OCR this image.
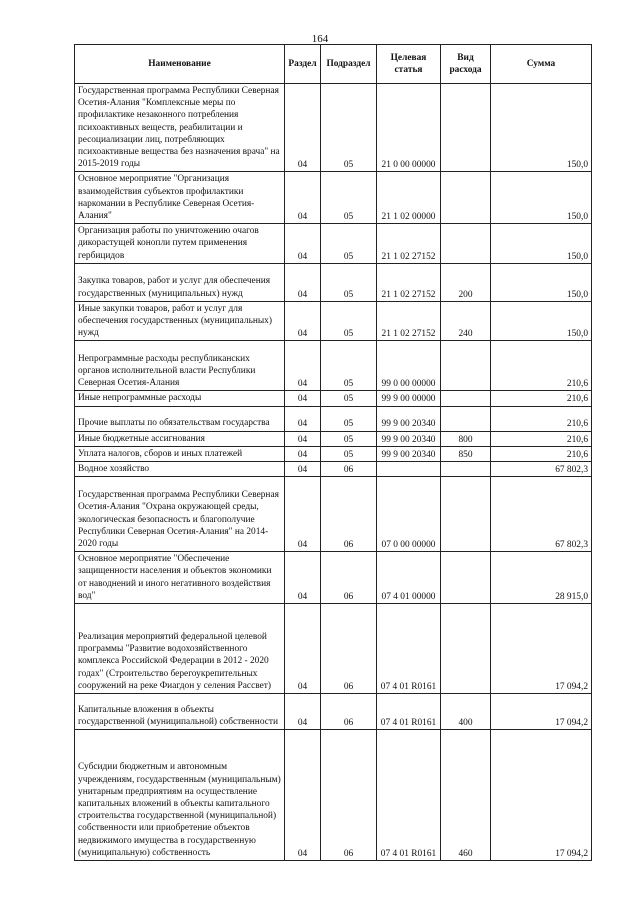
164
Наименование	Раздел	Подраздел	Целевая статья	Вид расхода	Сумма
Государственная программа Республики Северная Осетия-Алания "Комплексные меры по профилактике незаконного потребления психоактивных веществ, реабилитации и ресоциализации лиц, потребляющих психоактивные вещества без назначения врача" на 2015-2019 годы	04	05	21 0 00 00000		150,0
Основное мероприятие "Организация взаимодействия субъектов профилактики наркомании в Республике Северная Осетия-Алания"	04	05	21 1 02 00000		150,0
Организация работы по уничтожению очагов дикорастущей конопли путем применения гербицидов	04	05	21 1 02 27152		150,0
Закупка товаров, работ и услуг для обеспечения государственных (муниципальных) нужд	04	05	21 1 02 27152	200	150,0
Иные закупки товаров, работ и услуг для обеспечения государственных (муниципальных) нужд	04	05	21 1 02 27152	240	150,0
Непрограммные расходы республиканских органов исполнительной власти Республики Северная Осетия-Алания	04	05	99 0 00 00000		210,6
Иные непрограммные расходы	04	05	99 9 00 00000		210,6
Прочие выплаты по обязательствам государства	04	05	99 9 00 20340		210,6
Иные бюджетные ассигнования	04	05	99 9 00 20340	800	210,6
Уплата налогов, сборов и иных платежей	04	05	99 9 00 20340	850	210,6
Водное хозяйство	04	06			67 802,3
Государственная программа Республики Северная Осетия-Алания "Охрана окружающей среды, экологическая безопасность и благополучие Республики Северная Осетия-Алания" на 2014-2020 годы	04	06	07 0 00 00000		67 802,3
Основное мероприятие "Обеспечение защищенности населения и объектов экономики от наводнений и иного негативного воздействия вод"	04	06	07 4 01 00000		28 915,0
Реализация мероприятий федеральной целевой программы "Развитие водохозяйственного комплекса Российской Федерации в 2012 - 2020 годах" (Строительство берегоукрепительных сооружений на реке Фиагдон у селения Рассвет)	04	06	07 4 01 R0161		17 094,2
Капитальные вложения в объекты государственной (муниципальной) собственности	04	06	07 4 01 R0161	400	17 094,2
Субсидии бюджетным и автономным учреждениям, государственным (муниципальным) унитарным предприятиям на осуществление капитальных вложений в объекты капитального строительства государственной (муниципальной) собственности или приобретение объектов недвижимого имущества в государственную (муниципальную) собственность	04	06	07 4 01 R0161	460	17 094,2
